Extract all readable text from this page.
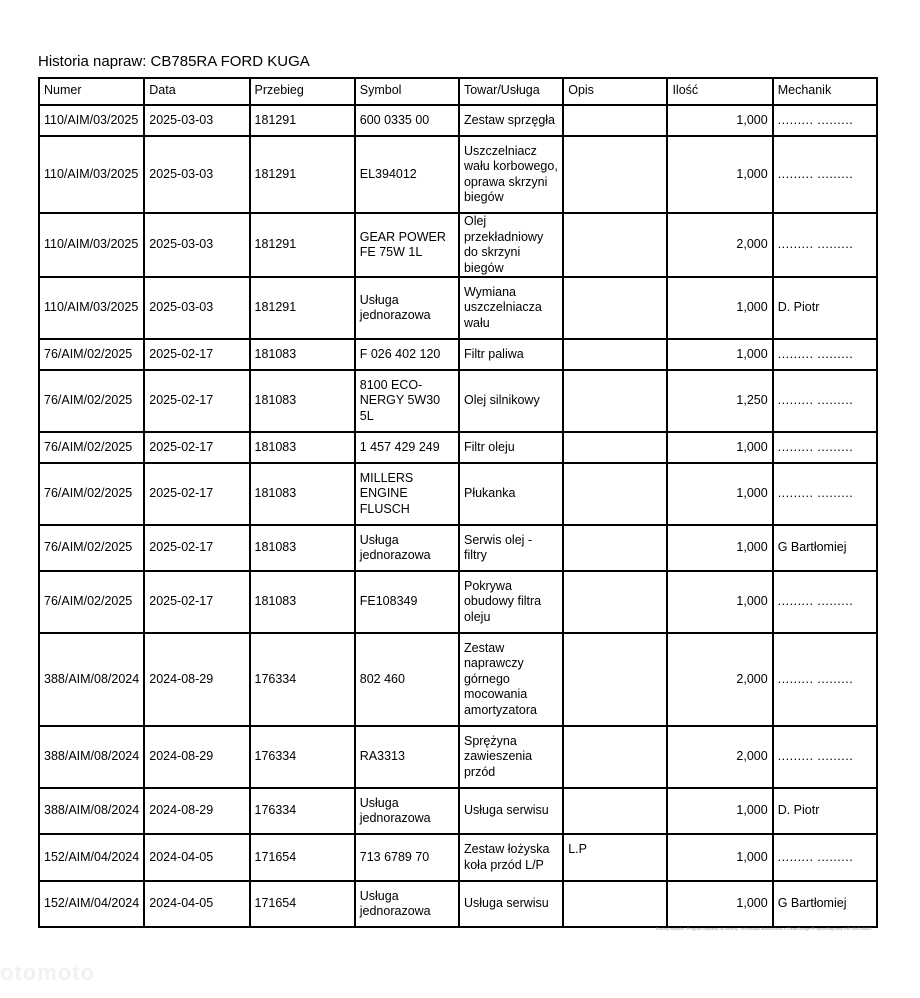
Historia napraw: CB785RA FORD KUGA
Numer	Data	Przebieg	Symbol	Towar/Usługa	Opis	Ilość	Mechanik
110/AIM/03/2025	2025-03-03	181291	600 0335 00	Zestaw sprzęgła		1,000	......... .........
110/AIM/03/2025	2025-03-03	181291	EL394012	Uszczelniacz wału korbowego, oprawa skrzyni biegów		1,000	......... .........
110/AIM/03/2025	2025-03-03	181291	GEAR POWER FE 75W 1L	Olej przekładniowy do skrzyni biegów		2,000	......... .........
110/AIM/03/2025	2025-03-03	181291	Usługa jednorazowa	Wymiana uszczelniacza wału		1,000	D. Piotr
76/AIM/02/2025	2025-02-17	181083	F 026 402 120	Filtr paliwa		1,000	......... .........
76/AIM/02/2025	2025-02-17	181083	8100 ECO-NERGY 5W30 5L	Olej silnikowy		1,250	......... .........
76/AIM/02/2025	2025-02-17	181083	1 457 429 249	Filtr oleju		1,000	......... .........
76/AIM/02/2025	2025-02-17	181083	MILLERS ENGINE FLUSCH	Płukanka		1,000	......... .........
76/AIM/02/2025	2025-02-17	181083	Usługa jednorazowa	Serwis olej - filtry		1,000	G Bartłomiej
76/AIM/02/2025	2025-02-17	181083	FE108349	Pokrywa obudowy filtra oleju		1,000	......... .........
388/AIM/08/2024	2024-08-29	176334	802 460	Zestaw naprawczy górnego mocowania amortyzatora		2,000	......... .........
388/AIM/08/2024	2024-08-29	176334	RA3313	Sprężyna zawieszenia przód		2,000	......... .........
388/AIM/08/2024	2024-08-29	176334	Usługa jednorazowa	Usługa serwisu		1,000	D. Piotr
152/AIM/04/2024	2024-04-05	171654	713 6789 70	Zestaw łożyska koła przód L/P	L.P	1,000	......... .........
152/AIM/04/2024	2024-04-05	171654	Usługa jednorazowa	Usługa serwisu		1,000	G Bartłomiej
Rodzaj wydruku: Program naprawy do zmiany - informacja dostarczona z CleanGarage/ProgramNaprawy NIP:554246842
otomoto
